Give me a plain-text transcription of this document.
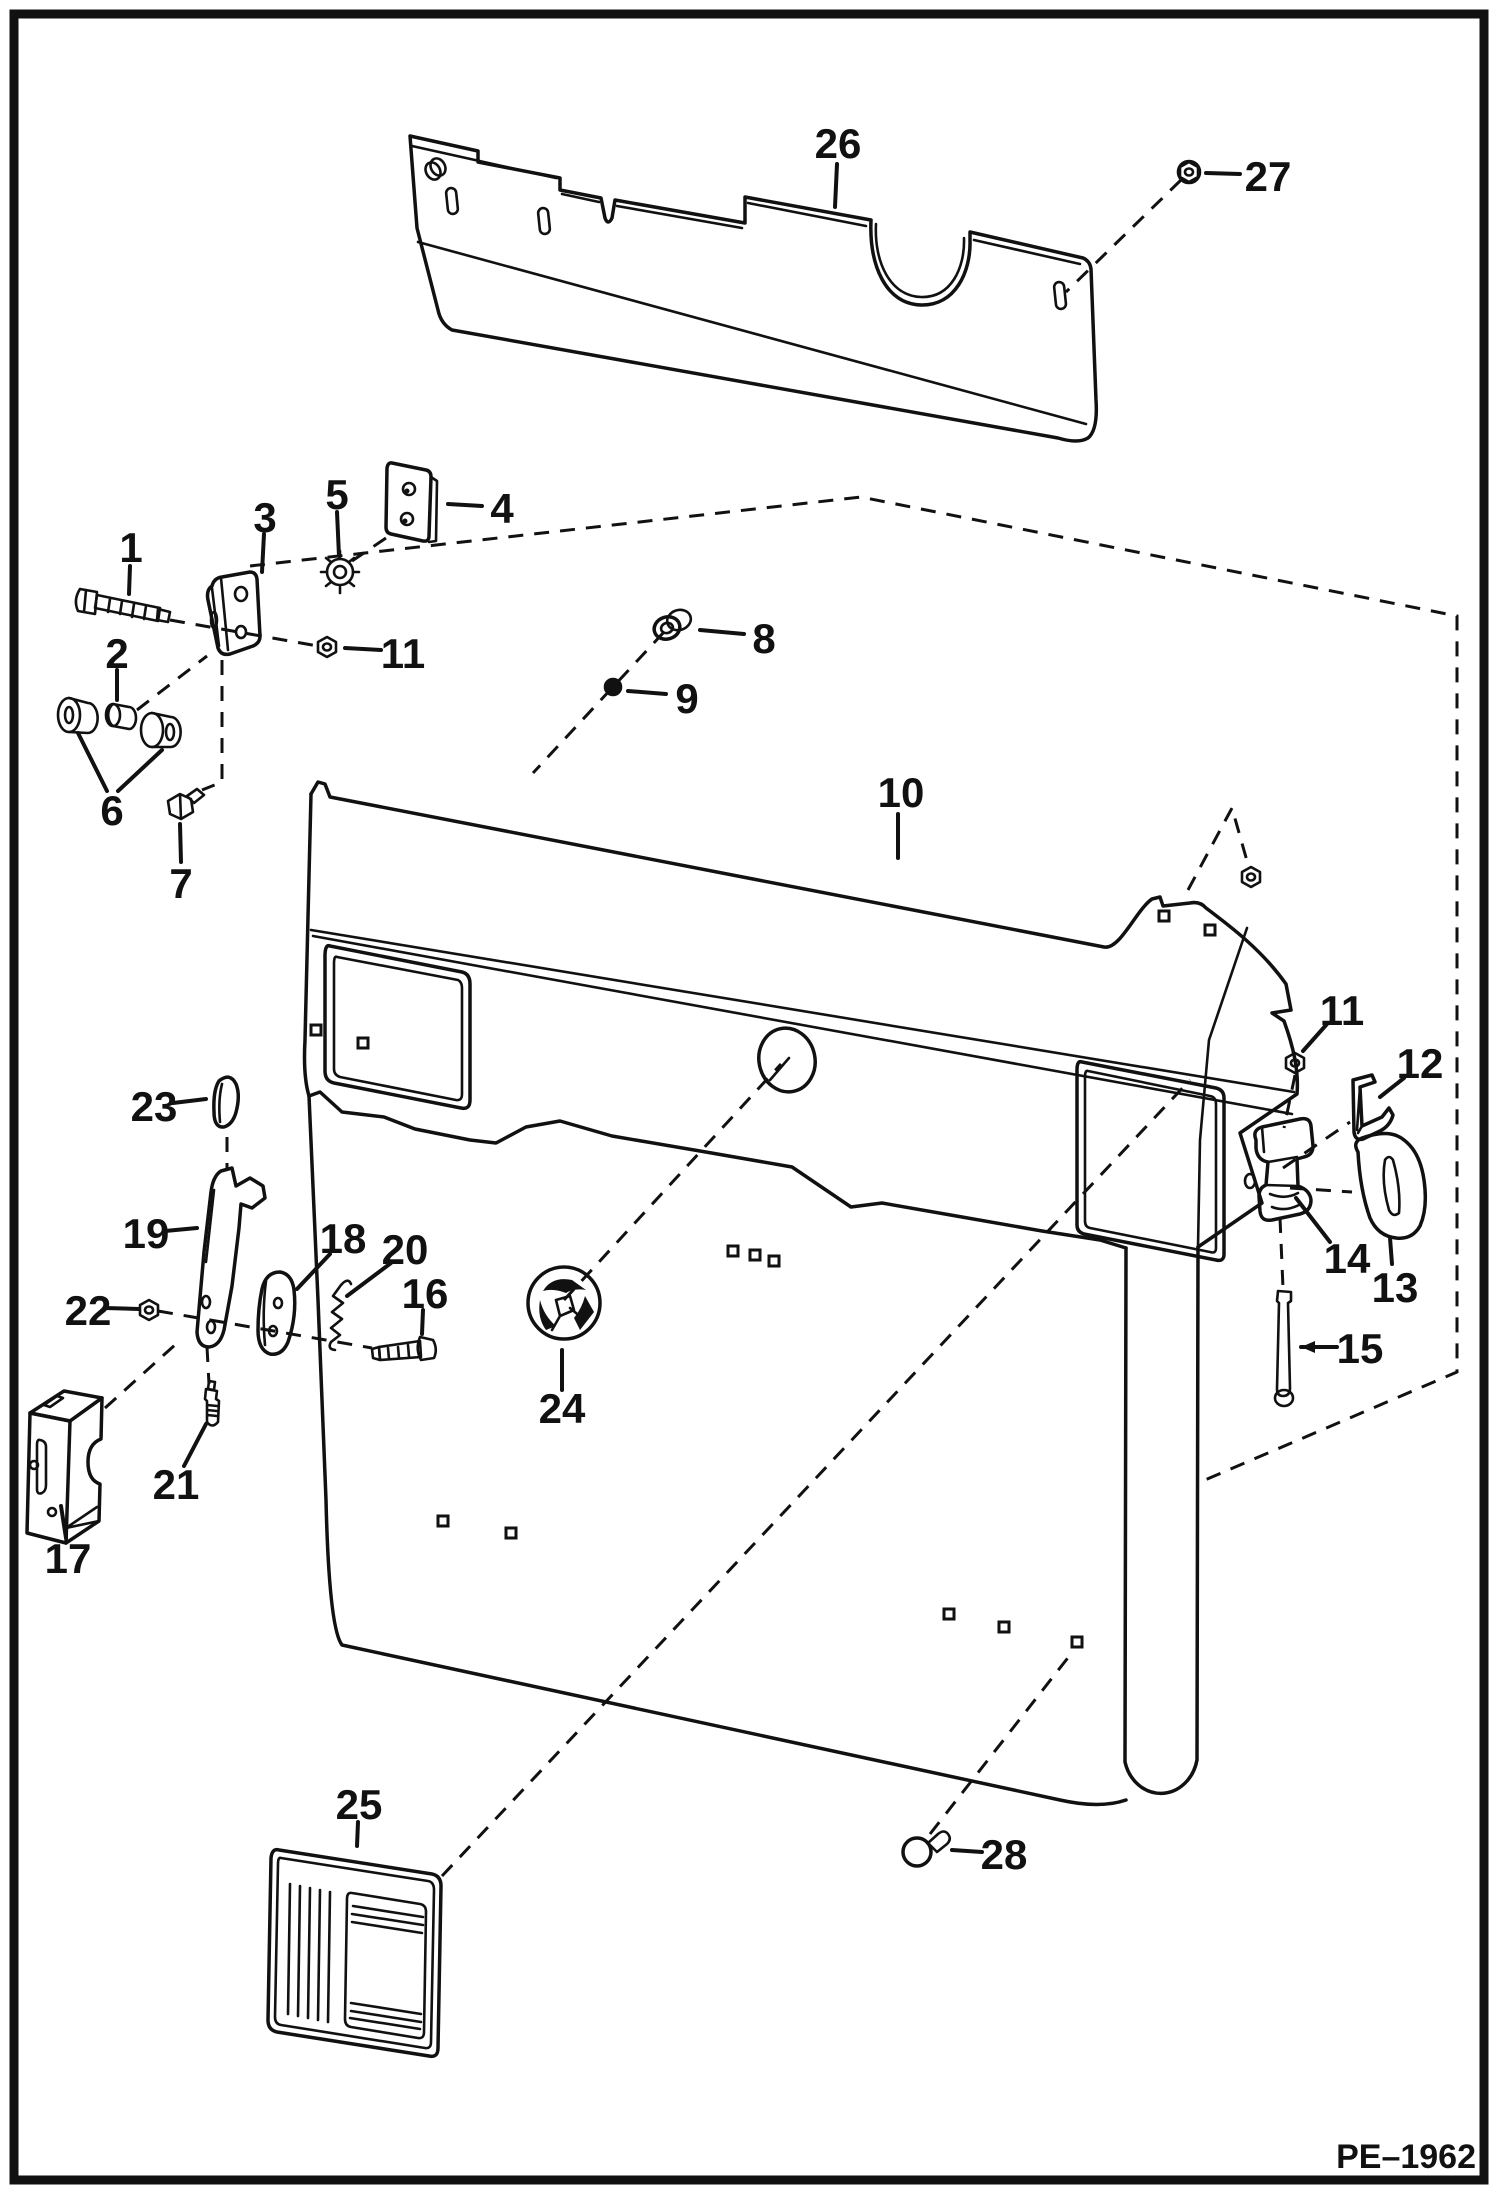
1
2
3	4
5
6
7
8
9
10
11
11
12
13
14
15
16
17
18
19	20
21
22
23
24
25
26
27
28
PE–1962
